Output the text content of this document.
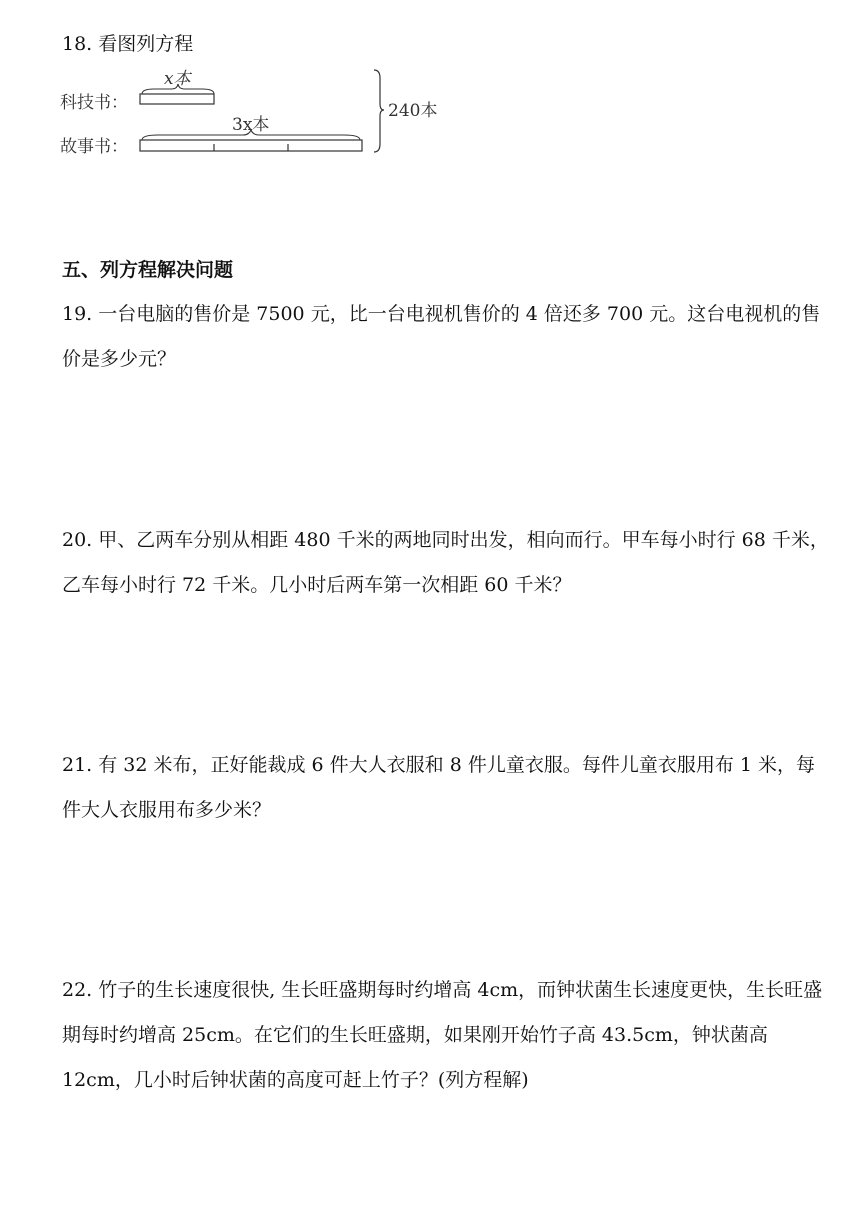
18. 看图列方程
科技书：
x本
故事书：
3x本
240本
五、列方程解决问题
19. 一台电脑的售价是 7500 元，比一台电视机售价的 4 倍还多 700 元。这台电视机的售价是多少元？
20. 甲、乙两车分别从相距 480 千米的两地同时出发，相向而行。甲车每小时行 68 千米，乙车每小时行 72 千米。几小时后两车第一次相距 60 千米？
21. 有 32 米布，正好能裁成 6 件大人衣服和 8 件儿童衣服。每件儿童衣服用布 1 米，每件大人衣服用布多少米？
22. 竹子的生长速度很快, 生长旺盛期每时约增高 4cm，而钟状菌生长速度更快，生长旺盛期每时约增高 25cm。在它们的生长旺盛期，如果刚开始竹子高 43.5cm，钟状菌高 12cm，几小时后钟状菌的高度可赶上竹子？(列方程解)
